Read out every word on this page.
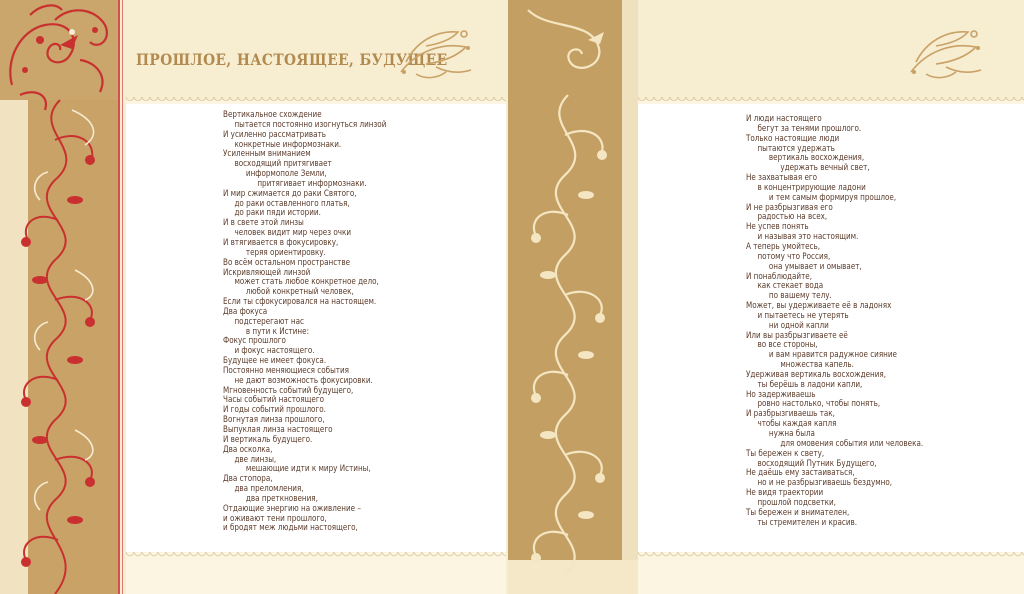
ПРОШЛОЕ, НАСТОЯЩЕЕ, БУДУЩЕЕ
Вертикальное схождение
пытается постоянно изогнуться линзой
И усиленно рассматривать
конкретные информознаки.
Усиленным вниманием
восходящий притягивает
информополе Земли,
притягивает информознаки.
И мир сжимается до раки Святого,
до раки оставленного платья,
до раки пяди истории.
И в свете этой линзы
человек видит мир через очки
И втягивается в фокусировку,
теряя ориентировку.
Во всём остальном пространстве
Искривляющей линзой
может стать любое конкретное дело,
любой конкретный человек,
Если ты сфокусировался на настоящем.
Два фокуса
подстерегают нас
в пути к Истине:
Фокус прошлого
и фокус настоящего.
Будущее не имеет фокуса.
Постоянно меняющиеся события
не дают возможность фокусировки.
Мгновенность событий будущего,
Часы событий настоящего
И годы событий прошлого.
Вогнутая линза прошлого,
Выпуклая линза настоящего
И вертикаль будущего.
Два осколка,
две линзы,
мешающие идти к миру Истины,
Два стопора,
два преломления,
два преткновения,
Отдающие энергию на оживление –
и оживают тени прошлого,
и бродят меж людьми настоящего,
И люди настоящего
бегут за тенями прошлого.
Только настоящие люди
пытаются удержать
вертикаль восхождения,
удержать вечный свет,
Не захватывая его
в концентрирующие ладони
и тем самым формируя прошлое,
И не разбрызгивая его
радостью на всех,
Не успев понять
и называя это настоящим.
А теперь умойтесь,
потому что Россия,
она умывает и омывает,
И понаблюдайте,
как стекает вода
по вашему телу.
Может, вы удерживаете её в ладонях
и пытаетесь не утерять
ни одной капли
Или вы разбрызгиваете её
во все стороны,
и вам нравится радужное сияние
множества капель.
Удерживая вертикаль восхождения,
ты берёшь в ладони капли,
Но задерживаешь
ровно настолько, чтобы понять,
И разбрызгиваешь так,
чтобы каждая капля
нужна была
для омовения события или человека.
Ты бережен к свету,
восходящий Путник Будущего,
Не даёшь ему застаиваться,
но и не разбрызгиваешь бездумно,
Не видя траектории
прошлой подсветки,
Ты бережен и внимателен,
ты стремителен и красив.
